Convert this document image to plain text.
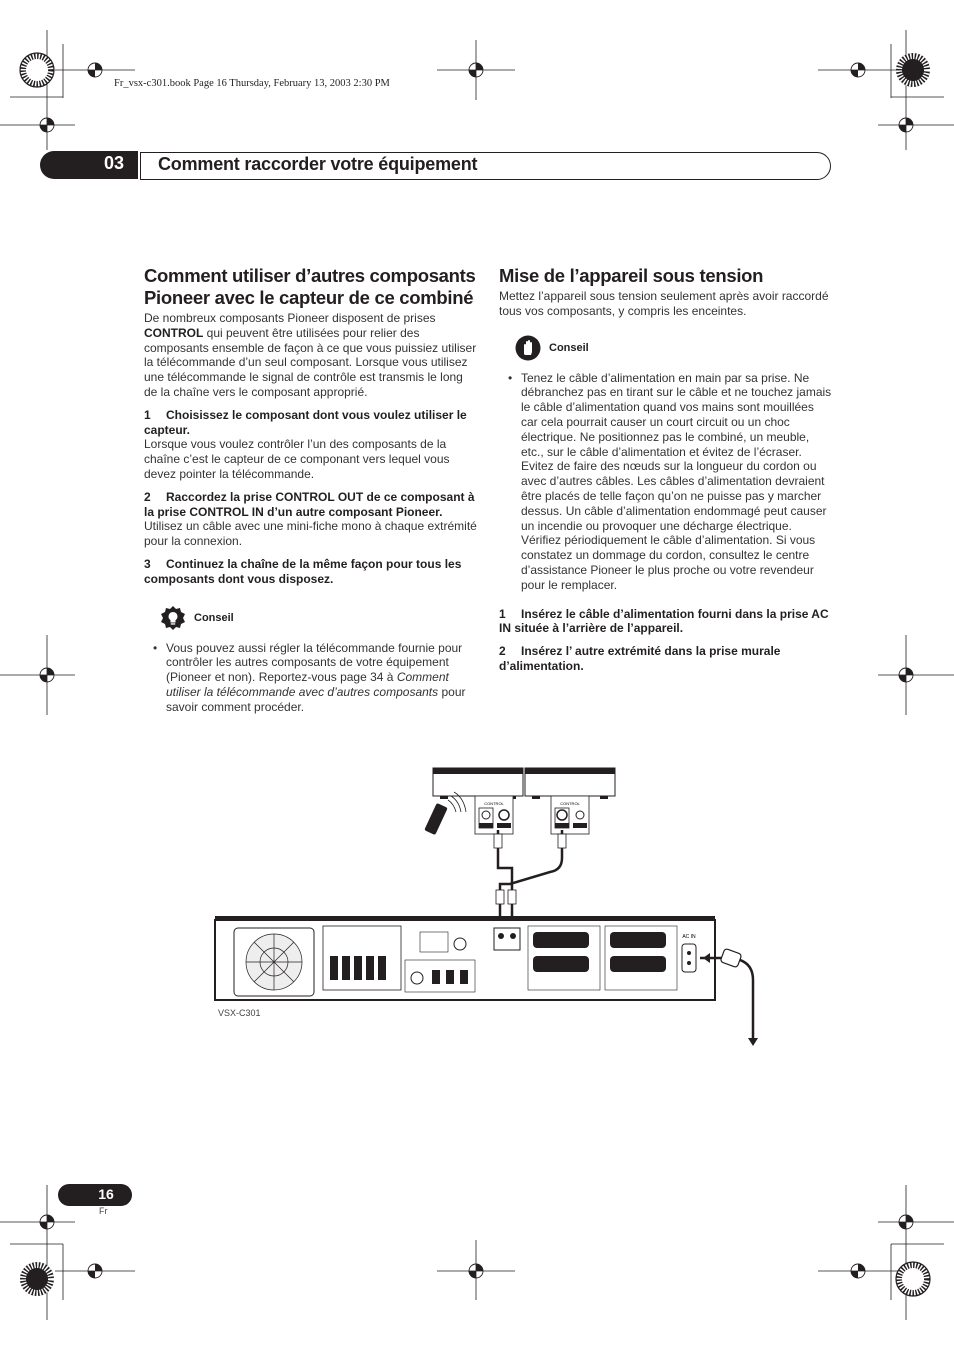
Fr_vsx-c301.book Page 16 Thursday, February 13, 2003 2:30 PM
03	Comment raccorder votre équipement
Comment utiliser d’autres composants Pioneer avec le capteur de ce combiné

De nombreux composants Pioneer disposent de prises CONTROL qui peuvent être utilisées pour relier des composants ensemble de façon à ce que vous puissiez utiliser la télécommande d’un seul composant. Lorsque vous utilisez une télécommande le signal de contrôle est transmis le long de la chaîne vers le composant approprié.

1 Choisissez le composant dont vous voulez utiliser le capteur.

Lorsque vous voulez contrôler l’un des composants de la chaîne c’est le capteur de ce componant vers lequel vous devez pointer la télécommande.

2 Raccordez la prise CONTROL OUT de ce composant à la prise CONTROL IN d’un autre composant Pioneer.

Utilisez un câble avec une mini-fiche mono à chaque extrémité pour la connexion.

3 Continuez la chaîne de la même façon pour tous les composants dont vous disposez.

Conseil
• Vous pouvez aussi régler la télécommande fournie pour contrôler les autres composants de votre équipement (Pioneer et non). Reportez-vous page 34 à Comment utiliser la télécommande avec d’autres composants pour savoir comment procéder.
Mise de l’appareil sous tension

Mettez l’appareil sous tension seulement après avoir raccordé tous vos composants, y compris les enceintes.

Conseil
• Tenez le câble d’alimentation en main par sa prise. Ne débranchez pas en tirant sur le câble et ne touchez jamais le câble d’alimentation quand vos mains sont mouillées car cela pourrait causer un court circuit ou un choc électrique. Ne positionnez pas le combiné, un meuble, etc., sur le câble d’alimentation et évitez de l’écraser. Evitez de faire des nœuds sur la longueur du cordon ou avec d’autres câbles. Les câbles d’alimentation devraient être placés de telle façon qu’on ne puisse pas y marcher dessus. Un câble d’alimentation endommagé peut causer un incendie ou provoquer une décharge électrique. Vérifiez périodiquement le câble d’alimentation. Si vous constatez un dommage du cordon, consultez le centre d’assistance Pioneer le plus proche ou votre revendeur pour le remplacer.

1 Insérez le câble d’alimentation fourni dans la prise AC IN située à l’arrière de l’appareil.

2 Insérez l’ autre extrémité dans la prise murale d’alimentation.

CONTROL	CONTROL
AC IN
VSX-C301
16
Fr
